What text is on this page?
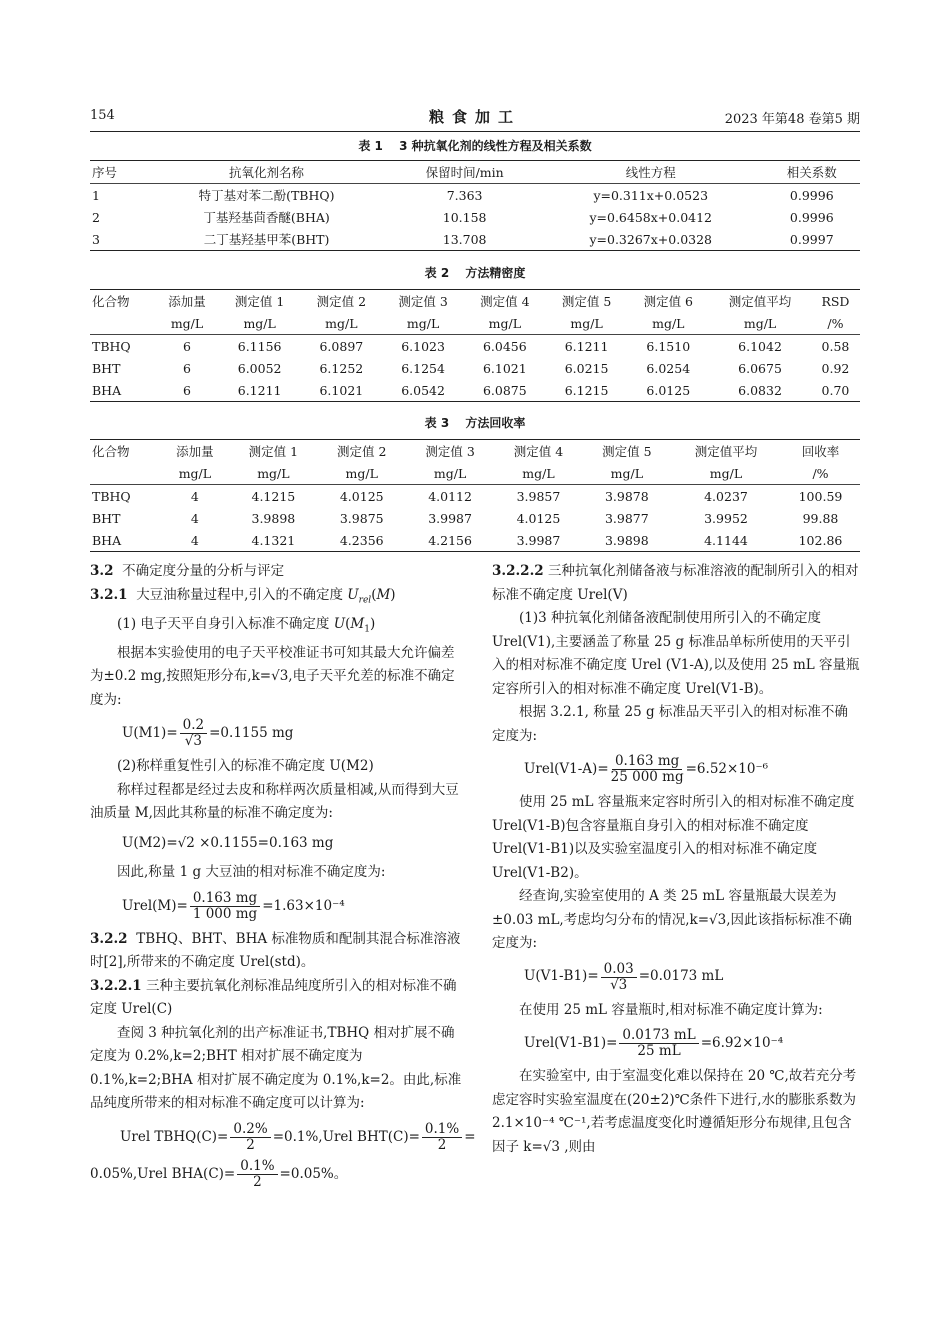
154	粮食加工	2023 年第48 卷第5 期
表 1　 3 种抗氧化剂的线性方程及相关系数
序号	抗氧化剂名称	保留时间/min	线性方程	相关系数
1	特丁基对苯二酚(TBHQ)	7.363	y=0.311x+0.0523	0.9996
2	丁基羟基茴香醚(BHA)	10.158	y=0.6458x+0.0412	0.9996
3	二丁基羟基甲苯(BHT)	13.708	y=0.3267x+0.0328	0.9997
表 2　 方法精密度
化合物	添加量	测定值 1	测定值 2	测定值 3	测定值 4	测定值 5	测定值 6	测定值平均	RSD
	mg/L	mg/L	mg/L	mg/L	mg/L	mg/L	mg/L	mg/L	/%
TBHQ	6	6.1156	6.0897	6.1023	6.0456	6.1211	6.1510	6.1042	0.58
BHT	6	6.0052	6.1252	6.1254	6.1021	6.0215	6.0254	6.0675	0.92
BHA	6	6.1211	6.1021	6.0542	6.0875	6.1215	6.0125	6.0832	0.70
表 3　 方法回收率
化合物	添加量	测定值 1	测定值 2	测定值 3	测定值 4	测定值 5	测定值平均	回收率
	mg/L	mg/L	mg/L	mg/L	mg/L	mg/L	mg/L	/%
TBHQ	4	4.1215	4.0125	4.0112	3.9857	3.9878	4.0237	100.59
BHT	4	3.9898	3.9875	3.9987	4.0125	3.9877	3.9952	99.88
BHA	4	4.1321	4.2356	4.2156	3.9987	3.9898	4.1144	102.86

3.2 不确定度分量的分析与评定

3.2.1 大豆油称量过程中,引入的不确定度 $U_{rel}(M)$

(1) 电子天平自身引入标准不确定度 $U(M_1)$

根据本实验使用的电子天平校准证书可知其最大允许偏差为±0.2 mg,按照矩形分布,k=√3,电子天平允差的标准不确定度为:

$U(M1)= \frac{0.2}{√3} =0.1155$ mg

(2)称样重复性引入的标准不确定度 U(M2)

称样过程都是经过去皮和称样两次质量相减,从而得到大豆油质量 M,因此其称量的标准不确定度为:

U(M2)=√2 ×0.1155=0.163 mg

因此,称量 1 g 大豆油的相对标准不确定度为:

Urel(M)= $\frac{0.163 mg}{1 000 mg} =1.63\times 10^{-4}$

3.2.2 TBHQ、BHT、BHA 标准物质和配制其混合标准溶液时[2],所带来的不确定度 Urel(std)。

3.2.2.1 三种主要抗氧化剂标准品纯度所引入的相对标准不确定度 Urel(C)

查阅 3 种抗氧化剂的出产标准证书,TBHQ 相对扩展不确定度为 0.2%,k=2;BHT 相对扩展不确定度为 0.1%,k=2;BHA 相对扩展不确定度为 0.1%,k=2。由此,标准品纯度所带来的相对标准不确定度可以计算为:

Urel TBHQ(C)= $\frac{0.2\%}{2} =0.1\%$, Urel $BHT(C)= \frac{0.1\%}{2}$ =
0.05%,Urel $BHA(C)= \frac{0.1\%}{2} =0.05\%$。

3.2.2.2 三种抗氧化剂储备液与标准溶液的配制所引入的相对标准不确定度 Urel(V)

(1)3 种抗氧化剂储备液配制使用所引入的不确定度 Urel(V1),主要涵盖了称量 25 g 标准品单标所使用的天平引入的相对标准不确定度 Urel (V1-A),以及使用 25 mL 容量瓶定容所引入的相对标准不确定度 Urel(V1-B)。

根据 3.2.1, 称量 25 g 标准品天平引入的相对标准不确定度为:

Urel(V1-A)= $\frac{0.163 mg}{25 000 mg} =6.52\times 10^{-6}$

使用 25 mL 容量瓶来定容时所引入的相对标准不确定度 Urel(V1-B)包含容量瓶自身引入的相对标准不确定度 Urel(V1-B1)以及实验室温度引入的相对标准不确定度 Urel(V1-B2)。

经查询,实验室使用的 A 类 25 mL 容量瓶最大误差为±0.03 mL,考虑均匀分布的情况,k=√3,因此该指标标准不确定度为:

$U(V1-B1)= \frac{0.03}{√3} =0.0173$ mL

在使用 25 mL 容量瓶时,相对标准不确定度计算为:

Urel(V1-B1)= $\frac{0.0173 mL}{25 mL} =6.92\times 10^{-4}$

在实验室中, 由于室温变化难以保持在 20 ℃,故若充分考虑定容时实验室温度在(20±2)℃条件下进行,水的膨胀系数为 2.1×10⁻⁴ ℃⁻¹,若考虑温度变化时遵循矩形分布规律,且包含因子 k=√3 ,则由
